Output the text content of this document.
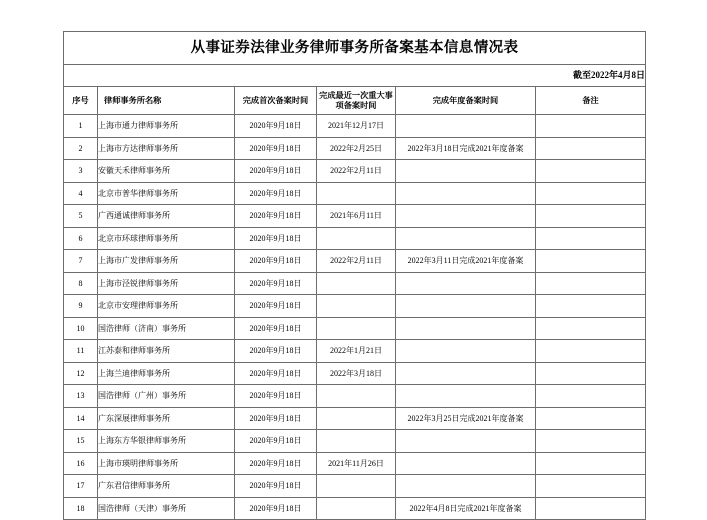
从事证券法律业务律师事务所备案基本信息情况表					
截至2022年4月8日					
序号	律师事务所名称	完成首次备案时间	完成最近一次重大事项备案时间	完成年度备案时间	备注
1	上海市通力律师事务所	2020年9月18日	2021年12月17日		
2	上海市方达律师事务所	2020年9月18日	2022年2月25日	2022年3月18日完成2021年度备案	
3	安徽天禾律师事务所	2020年9月18日	2022年2月11日		
4	北京市普华律师事务所	2020年9月18日			
5	广西通诚律师事务所	2020年9月18日	2021年6月11日		
6	北京市环球律师事务所	2020年9月18日			
7	上海市广发律师事务所	2020年9月18日	2022年2月11日	2022年3月11日完成2021年度备案	
8	上海市泾锐律师事务所	2020年9月18日			
9	北京市安理律师事务所	2020年9月18日			
10	国浩律师（济南）事务所	2020年9月18日			
11	江苏泰和律师事务所	2020年9月18日	2022年1月21日		
12	上海兰迪律师事务所	2020年9月18日	2022年3月18日		
13	国浩律师（广州）事务所	2020年9月18日			
14	广东深展律师事务所	2020年9月18日		2022年3月25日完成2021年度备案	
15	上海东方华银律师事务所	2020年9月18日			
16	上海市瑛明律师事务所	2020年9月18日	2021年11月26日		
17	广东君信律师事务所	2020年9月18日			
18	国浩律师（天津）事务所	2020年9月18日		2022年4月8日完成2021年度备案	
